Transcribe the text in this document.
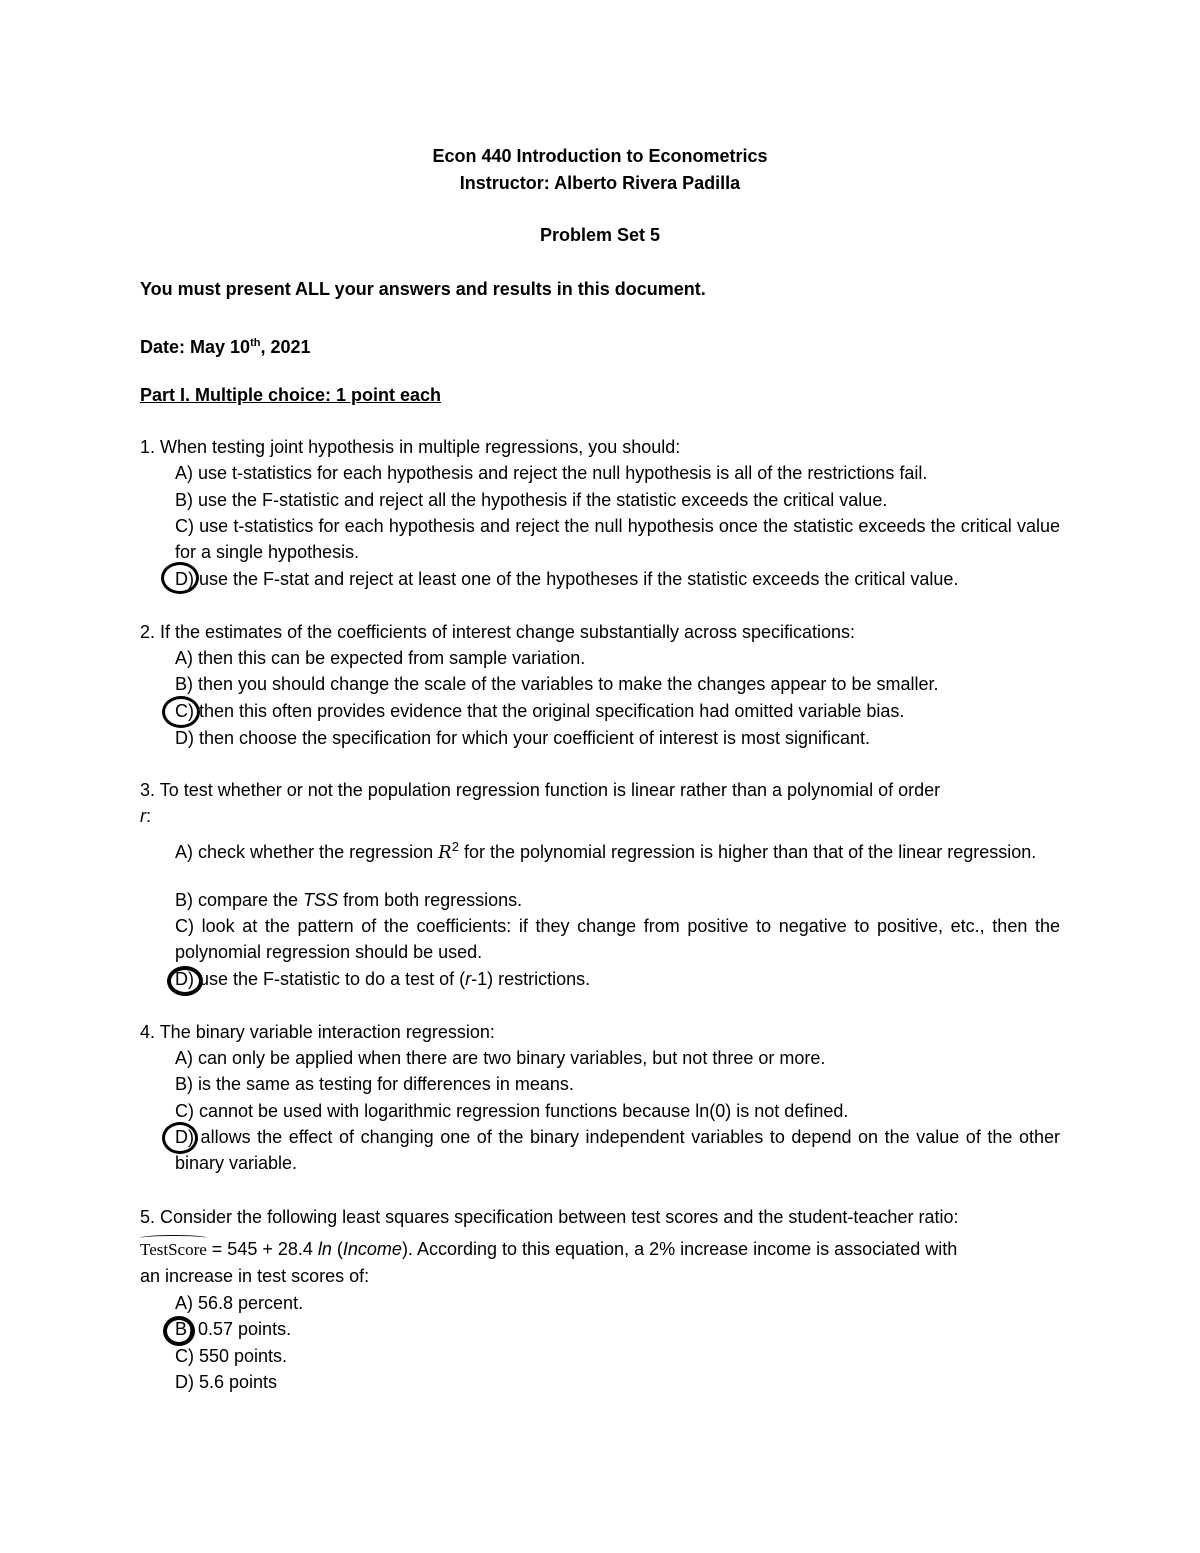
Econ 440 Introduction to Econometrics
Instructor: Alberto Rivera Padilla
Problem Set 5
You must present ALL your answers and results in this document.
Date: May 10th, 2021
Part I. Multiple choice: 1 point each
1. When testing joint hypothesis in multiple regressions, you should:
A) use t-statistics for each hypothesis and reject the null hypothesis is all of the restrictions fail.
B) use the F-statistic and reject all the hypothesis if the statistic exceeds the critical value.
C) use t-statistics for each hypothesis and reject the null hypothesis once the statistic exceeds the critical value for a single hypothesis.
D) use the F-stat and reject at least one of the hypotheses if the statistic exceeds the critical value.
2. If the estimates of the coefficients of interest change substantially across specifications:
A) then this can be expected from sample variation.
B) then you should change the scale of the variables to make the changes appear to be smaller.
C) then this often provides evidence that the original specification had omitted variable bias.
D) then choose the specification for which your coefficient of interest is most significant.
3. To test whether or not the population regression function is linear rather than a polynomial of order
r:
A) check whether the regression $R^2$ for the polynomial regression is higher than that of the linear regression.
B) compare the TSS from both regressions.
C) look at the pattern of the coefficients: if they change from positive to negative to positive, etc., then the polynomial regression should be used.
D) use the F-statistic to do a test of (r-1) restrictions.
4. The binary variable interaction regression:
A) can only be applied when there are two binary variables, but not three or more.
B) is the same as testing for differences in means.
C) cannot be used with logarithmic regression functions because ln(0) is not defined.
D) allows the effect of changing one of the binary independent variables to depend on the value of the other binary variable.
5. Consider the following least squares specification between test scores and the student-teacher ratio:
TestScore = 545 + 28.4 ln (Income). According to this equation, a 2% increase income is associated with
an increase in test scores of:
A) 56.8 percent.
B) 0.57 points.
C) 550 points.
D) 5.6 points
